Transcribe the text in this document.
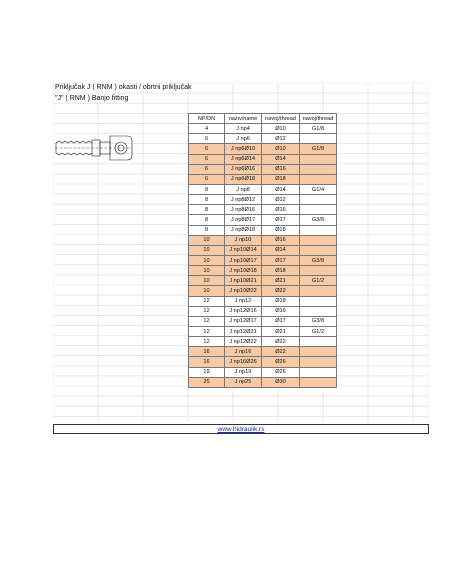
Priključak J ( RNM ) okasti / obrtni priključak
"J" ( RNM ) Banjo fitting
NP/DN	naziv/name	navoj/thread	navoj/thread
4	J np4	Ø10	G1/8
6	J np6	Ø12	
6	J np6Ø10	Ø10	G1/8
6	J np6Ø14	Ø14	
6	J np6Ø16	Ø16	
6	J np6Ø18	Ø18	
8	J np8	Ø14	G1/4
8	J np8Ø12	Ø12	
8	J np8Ø16	Ø16	
8	J np8Ø17	Ø17	G3/8
8	J np8Ø18	Ø18	
10	J np10	Ø16	
10	J np10Ø14	Ø14	
10	J np10Ø17	Ø17	G3/8
10	J np10Ø18	Ø18	
10	J np10Ø21	Ø21	G1/2
10	J np10Ø22	Ø22	
12	J np12	Ø18	
12	J np12Ø16	Ø16	
12	J np12Ø17	Ø17	G3/8
12	J np12Ø21	Ø21	G1/2
12	J np12Ø22	Ø22	
16	J np16	Ø22	
16	J np16Ø26	Ø26	
19	J np19	Ø26	
25	J np25	Ø30	
www.hidraulik.rs
